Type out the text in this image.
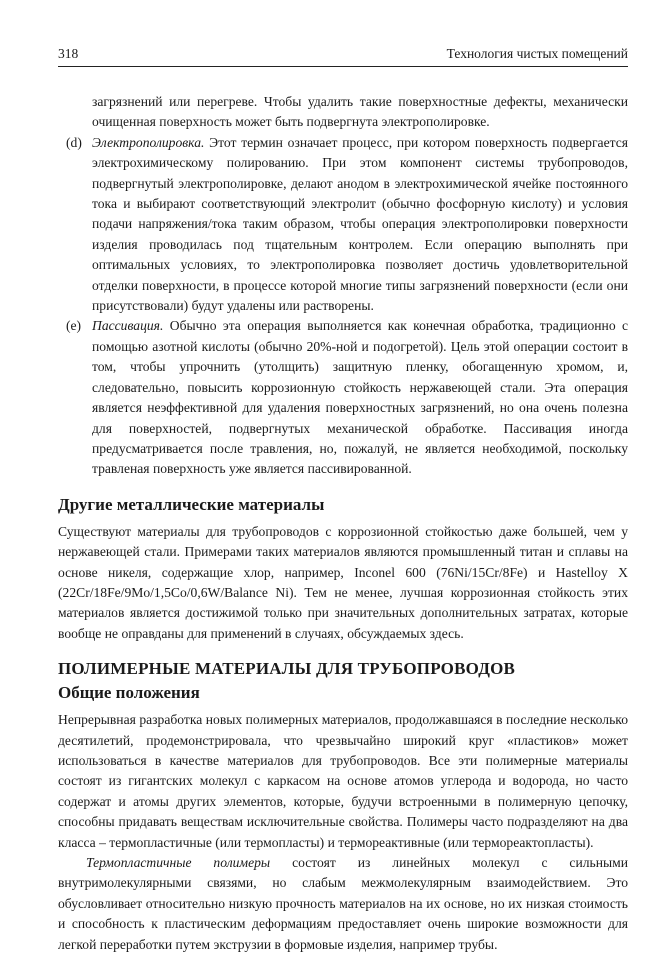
318	Технология чистых помещений

загрязнений или перегреве. Чтобы удалить такие поверхностные дефекты, механически очищенная поверхность может быть подвергнута электрополировке.

(d) Электрополировка. Этот термин означает процесс, при котором поверхность подвергается электрохимическому полированию. При этом компонент системы трубопроводов, подвергнутый электрополировке, делают анодом в электрохимической ячейке постоянного тока и выбирают соответствующий электролит (обычно фосфорную кислоту) и условия подачи напряжения/тока таким образом, чтобы операция электрополировки поверхности изделия проводилась под тщательным контролем. Если операцию выполнять при оптимальных условиях, то электрополировка позволяет достичь удовлетворительной отделки поверхности, в процессе которой многие типы загрязнений поверхности (если они присутствовали) будут удалены или растворены.

(e) Пассивация. Обычно эта операция выполняется как конечная обработка, традиционно с помощью азотной кислоты (обычно 20%-ной и подогретой). Цель этой операции состоит в том, чтобы упрочнить (утолщить) защитную пленку, обогащенную хромом, и, следовательно, повысить коррозионную стойкость нержавеющей стали. Эта операция является неэффективной для удаления поверхностных загрязнений, но она очень полезна для поверхностей, подвергнутых механической обработке. Пассивация иногда предусматривается после травления, но, пожалуй, не является необходимой, поскольку травленая поверхность уже является пассивированной.

Другие металлические материалы

Существуют материалы для трубопроводов с коррозионной стойкостью даже большей, чем у нержавеющей стали. Примерами таких материалов являются промышленный титан и сплавы на основе никеля, содержащие хлор, например, Inconel 600 (76Ni/15Cr/8Fe) и Hastelloy X (22Cr/18Fe/9Mo/1,5Co/0,6W/Balance Ni). Тем не менее, лучшая коррозионная стойкость этих материалов является достижимой только при значительных дополнительных затратах, которые вообще не оправданы для применений в случаях, обсуждаемых здесь.

ПОЛИМЕРНЫЕ МАТЕРИАЛЫ ДЛЯ ТРУБОПРОВОДОВ
Общие положения

Непрерывная разработка новых полимерных материалов, продолжавшаяся в последние несколько десятилетий, продемонстрировала, что чрезвычайно широкий круг «пластиков» может использоваться в качестве материалов для трубопроводов. Все эти полимерные материалы состоят из гигантских молекул с каркасом на основе атомов углерода и водорода, но часто содержат и атомы других элементов, которые, будучи встроенными в полимерную цепочку, способны придавать веществам исключительные свойства. Полимеры часто подразделяют на два класса – термопластичные (или термопласты) и термореактивные (или термореактопласты).

Термопластичные полимеры состоят из линейных молекул с сильными внутримолекулярными связями, но слабым межмолекулярным взаимодействием. Это обусловливает относительно низкую прочность материалов на их основе, но их низкая стоимость и способность к пластическим деформациям предоставляет очень широкие возможности для легкой переработки путем экструзии в формовые изделия, например трубы.
